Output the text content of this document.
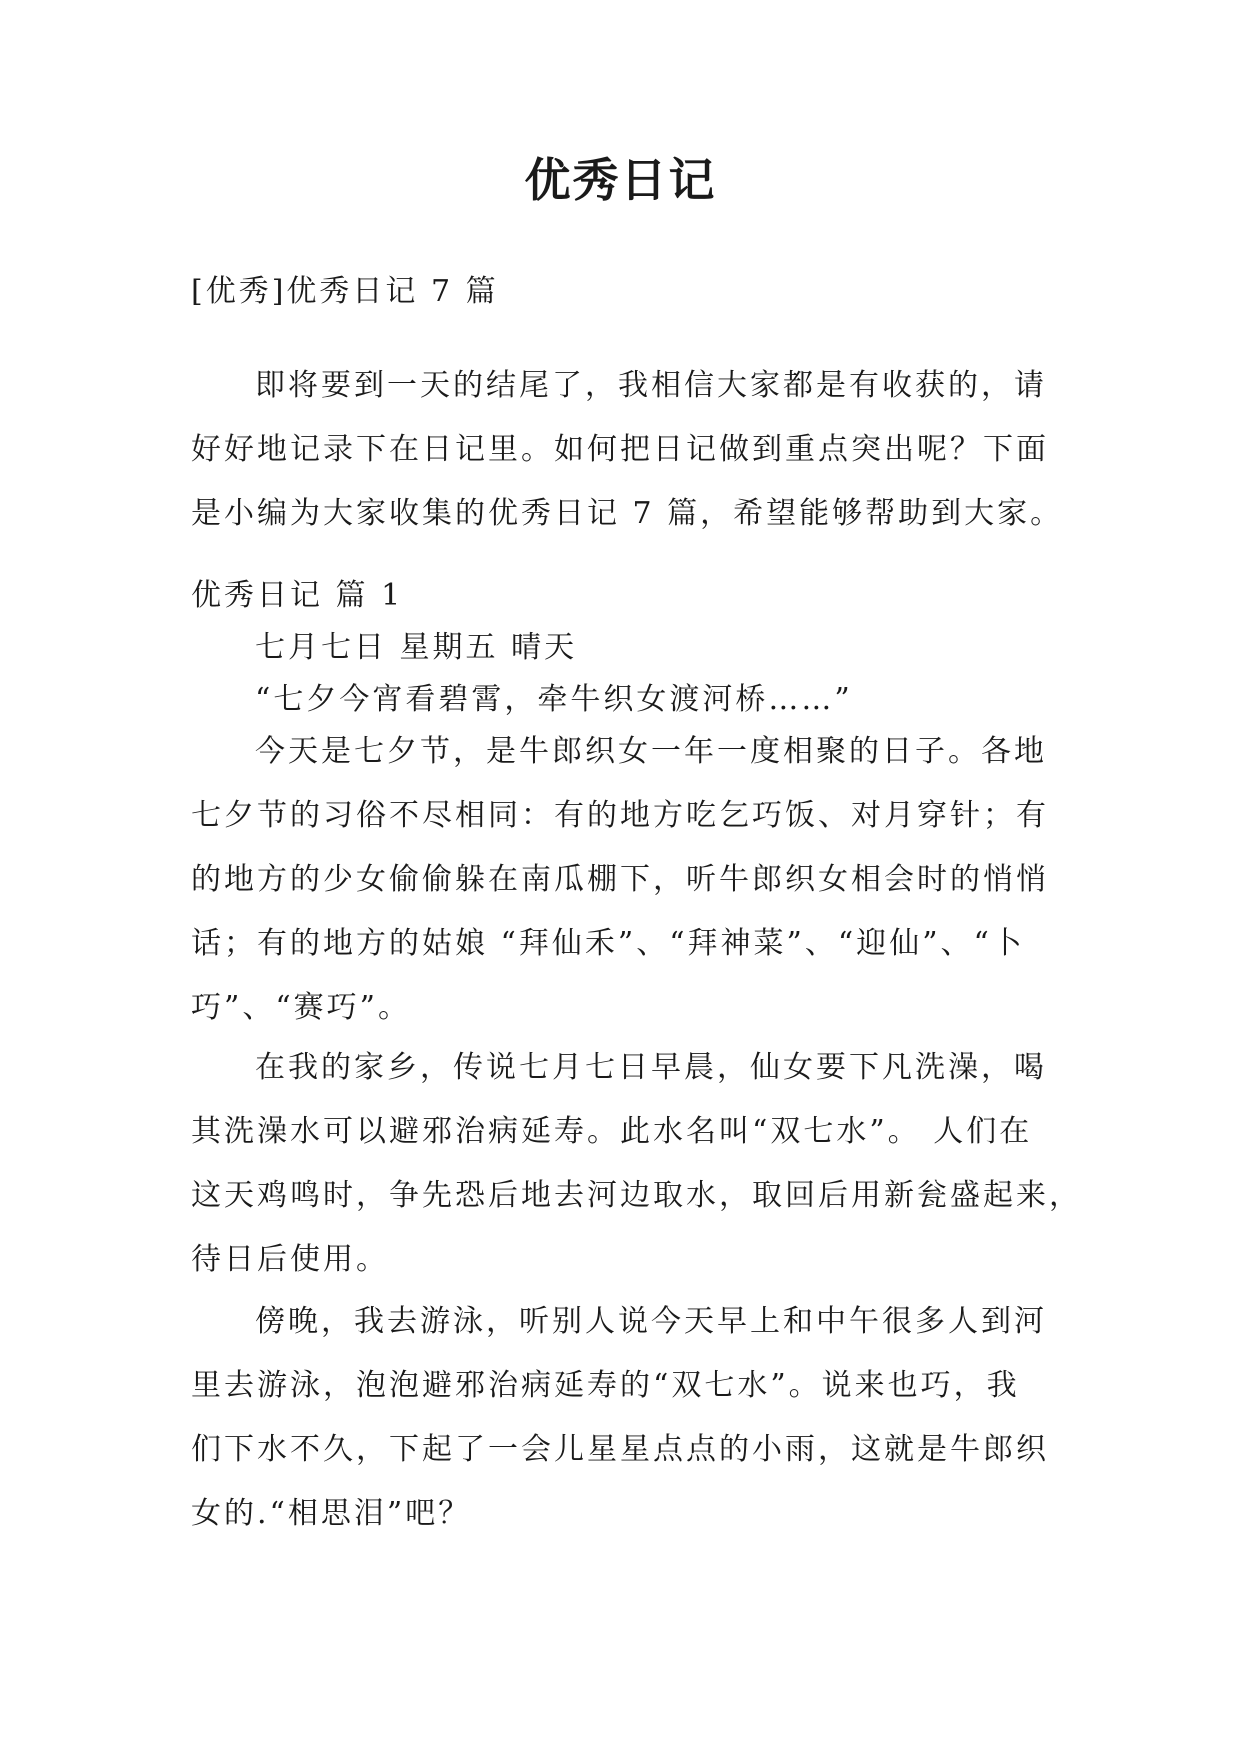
优秀日记

[优秀]优秀日记 7 篇

即将要到一天的结尾了，我相信大家都是有收获的，请
好好地记录下在日记里。如何把日记做到重点突出呢？下面
是小编为大家收集的优秀日记 7 篇，希望能够帮助到大家。

优秀日记 篇 1

七月七日 星期五 晴天

“七夕今宵看碧霄，牵牛织女渡河桥……”

今天是七夕节，是牛郎织女一年一度相聚的日子。各地
七夕节的习俗不尽相同：有的地方吃乞巧饭、对月穿针；有
的地方的少女偷偷躲在南瓜棚下，听牛郎织女相会时的悄悄
话；有的地方的姑娘 “拜仙禾”、“拜神菜”、“迎仙”、“卜
巧”、“赛巧”。

在我的家乡，传说七月七日早晨，仙女要下凡洗澡，喝
其洗澡水可以避邪治病延寿。此水名叫“双七水”。 人们在
这天鸡鸣时，争先恐后地去河边取水，取回后用新瓮盛起来，
待日后使用。

傍晚，我去游泳，听别人说今天早上和中午很多人到河
里去游泳，泡泡避邪治病延寿的“双七水”。说来也巧，我
们下水不久，下起了一会儿星星点点的小雨，这就是牛郎织
女的.“相思泪”吧？
